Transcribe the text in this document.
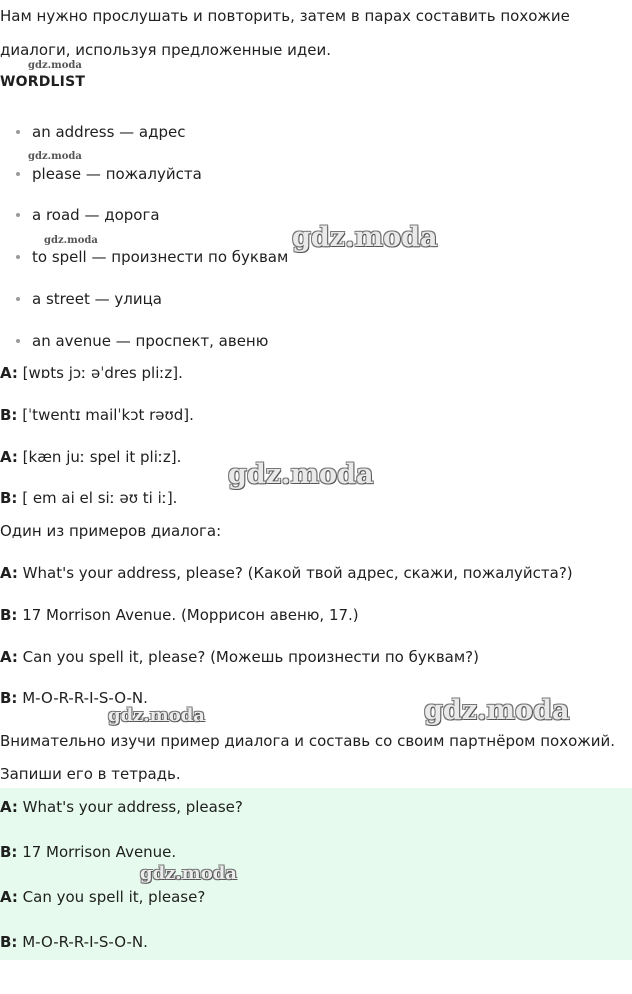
Нам нужно прослушать и повторить, затем в парах составить похожие
диалоги, используя предложенные идеи.
WORDLIST
an address — адрес
please — пожалуйста
a road — дорога
to spell — произнести по буквам
a street — улица
an avenue — проспект, авеню
A: [wɒts jɔː əˈdres pliːz].
B: [ˈtwentɪ mailˈkɔt rəʊd].
A: [kæn juː spel it pliːz].
B: [ em ai el siː əʊ ti iː].
Один из примеров диалога:
A: What's your address, please? (Какой твой адрес, скажи, пожалуйста?)
B: 17 Morrison Avenue. (Моррисон авеню, 17.)
A: Can you spell it, please? (Можешь произнести по буквам?)
B: M-O-R-R-I-S-O-N.
Внимательно изучи пример диалога и составь со своим партнёром похожий.
Запиши его в тетрадь.
A: What's your address, please?
B: 17 Morrison Avenue.
A: Can you spell it, please?
B: M-O-R-R-I-S-O-N.
gdz.moda
gdz.moda
gdz.moda	gdz.moda
gdz.moda
gdz.moda	gdz.moda
gdz.moda
